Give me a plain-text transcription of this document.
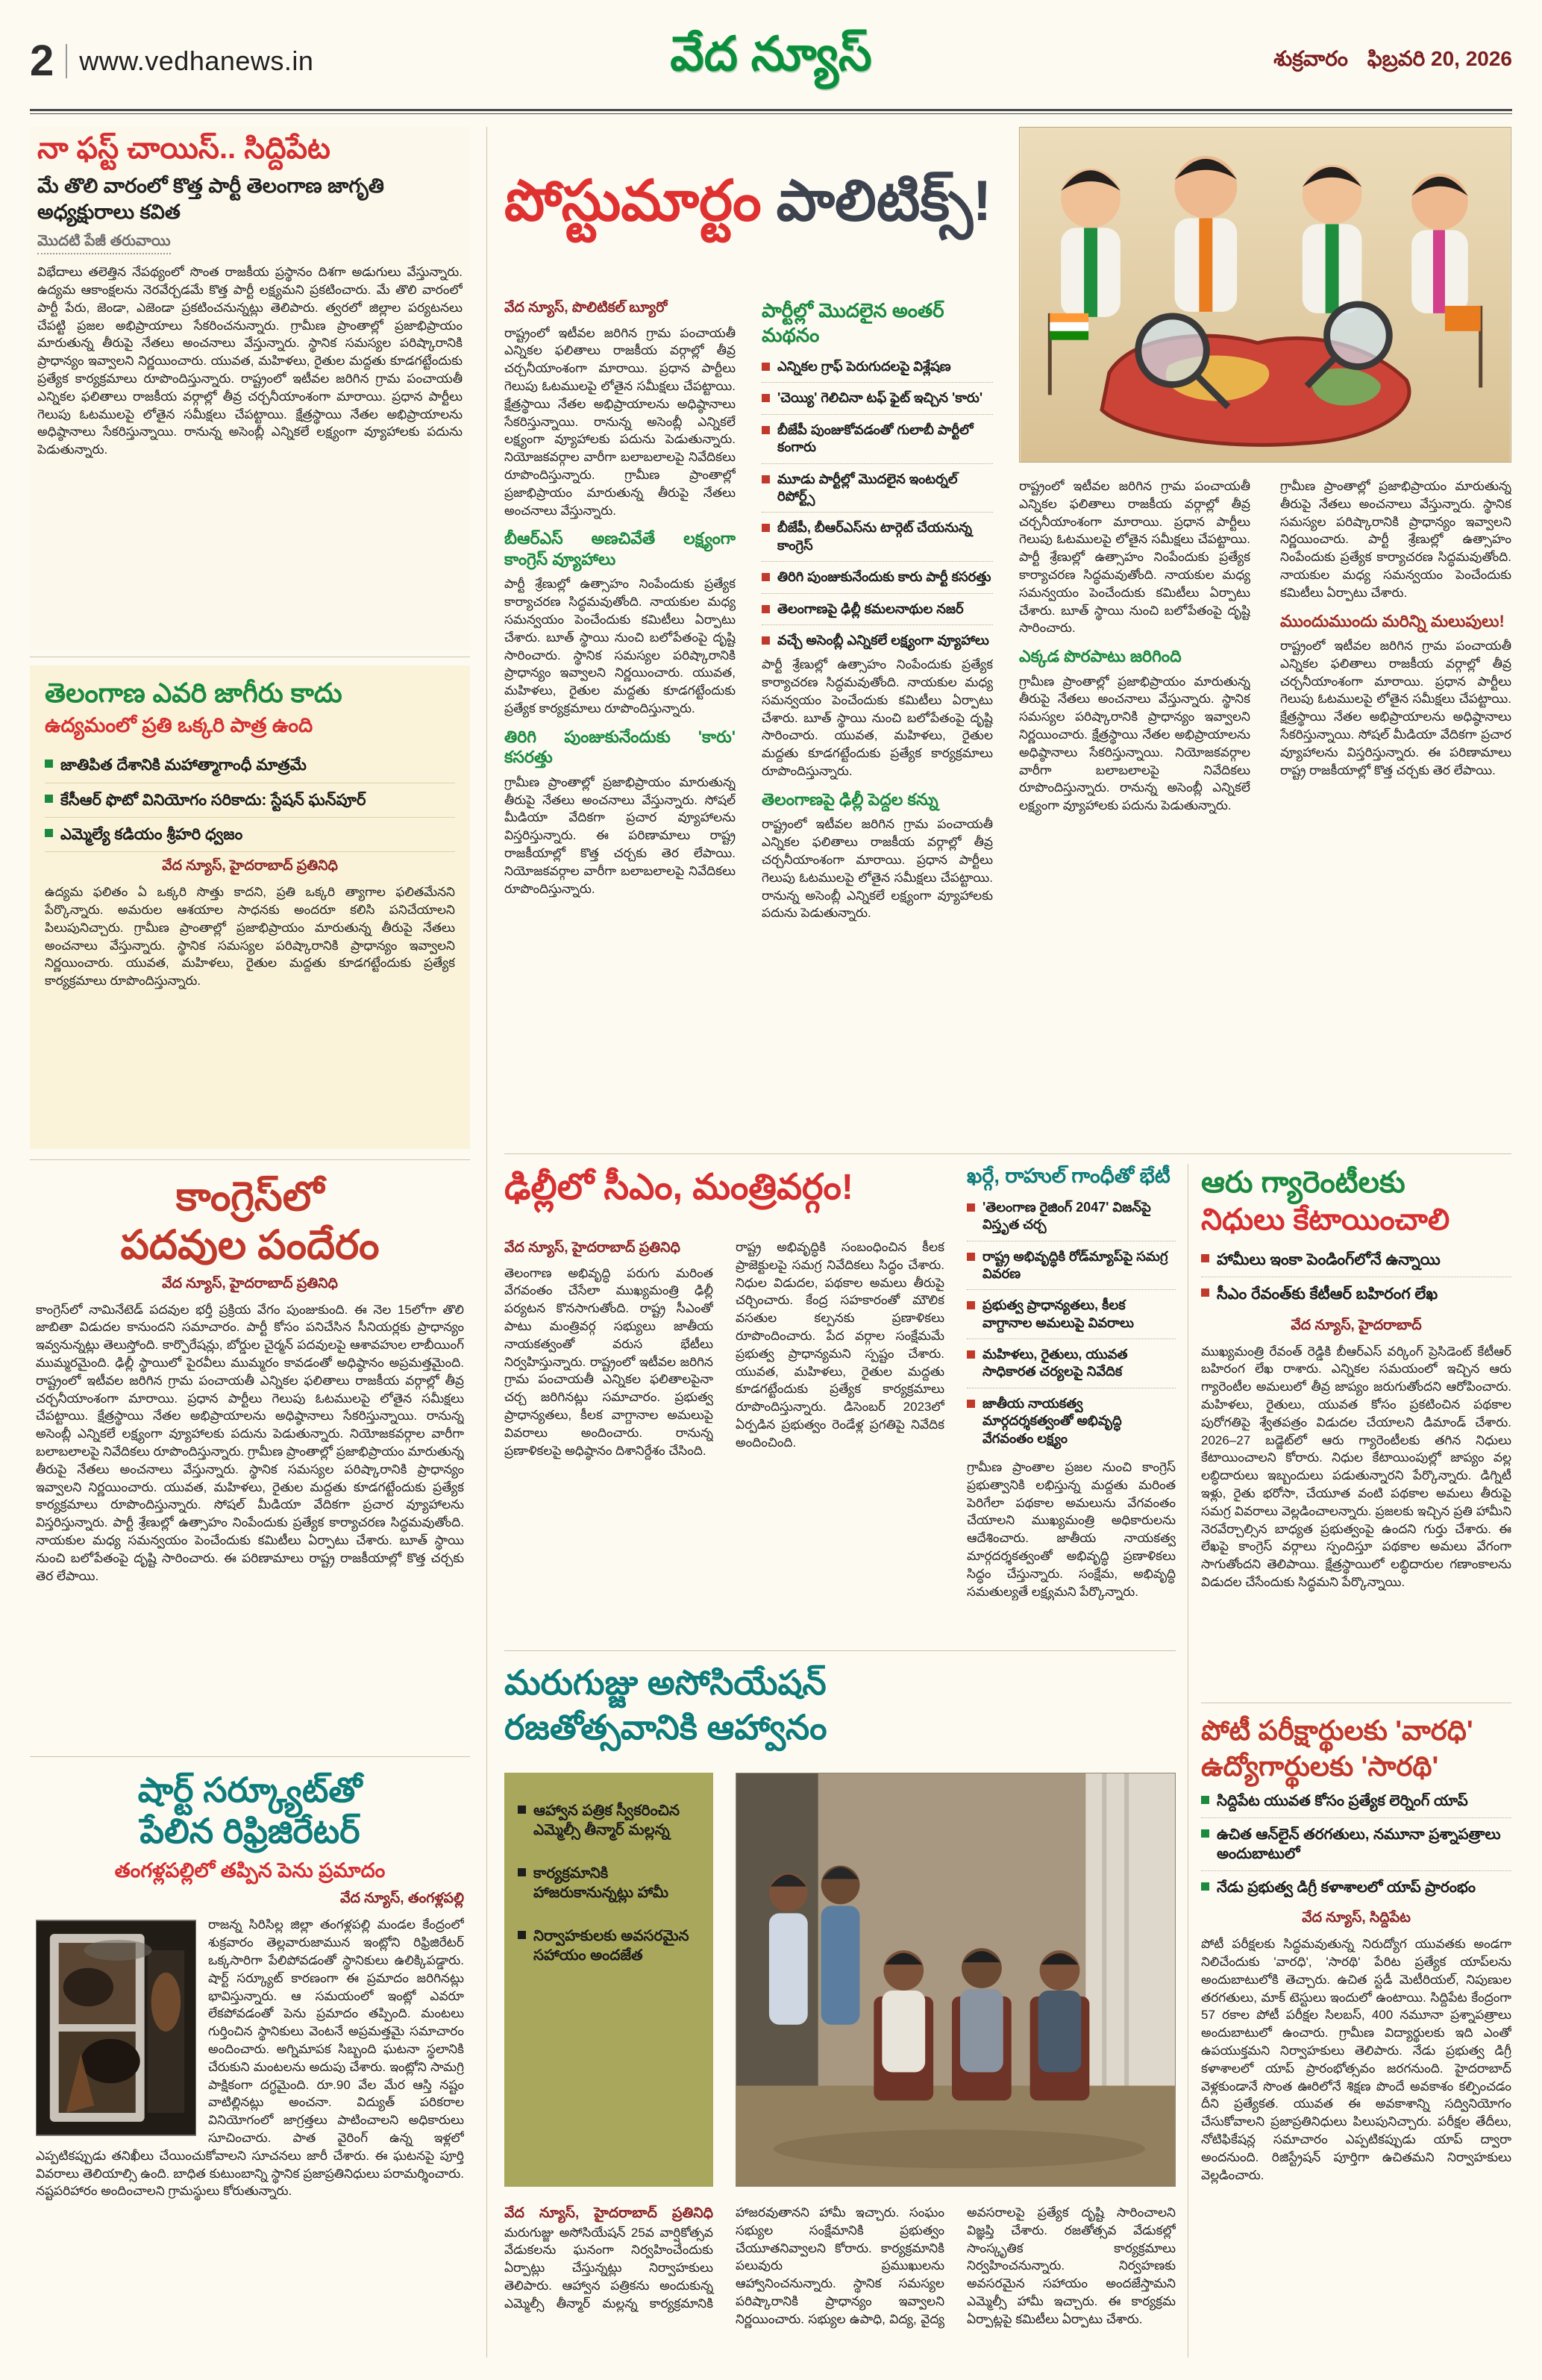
2 www.vedhanews.in	వేద న్యూస్	శుక్రవారం ఫిబ్రవరి 20, 2026
నా ఫస్ట్ చాయిస్.. సిద్దిపేట
మే తొలి వారంలో కొత్త పార్టీ తెలంగాణ జాగృతి అధ్యక్షురాలు కవిత
మొదటి పేజీ తరువాయి
విభేదాలు తలెత్తిన నేపథ్యంలో సొంత రాజకీయ ప్రస్థానం దిశగా అడుగులు వేస్తున్నారు. ఉద్యమ ఆకాంక్షలను నెరవేర్చడమే కొత్త పార్టీ లక్ష్యమని ప్రకటించారు. మే తొలి వారంలో పార్టీ పేరు, జెండా, ఎజెండా ప్రకటించనున్నట్లు తెలిపారు. త్వరలో జిల్లాల పర్యటనలు చేపట్టి ప్రజల అభిప్రాయాలు సేకరించనున్నారు. గ్రామీణ ప్రాంతాల్లో ప్రజాభిప్రాయం మారుతున్న తీరుపై నేతలు అంచనాలు వేస్తున్నారు. స్థానిక సమస్యల పరిష్కారానికి ప్రాధాన్యం ఇవ్వాలని నిర్ణయించారు. యువత, మహిళలు, రైతుల మద్దతు కూడగట్టేందుకు ప్రత్యేక కార్యక్రమాలు రూపొందిస్తున్నారు. రాష్ట్రంలో ఇటీవల జరిగిన గ్రామ పంచాయతీ ఎన్నికల ఫలితాలు రాజకీయ వర్గాల్లో తీవ్ర చర్చనీయాంశంగా మారాయి. ప్రధాన పార్టీలు గెలుపు ఓటములపై లోతైన సమీక్షలు చేపట్టాయి. క్షేత్రస్థాయి నేతల అభిప్రాయాలను అధిష్ఠానాలు సేకరిస్తున్నాయి. రానున్న అసెంబ్లీ ఎన్నికలే లక్ష్యంగా వ్యూహాలకు పదును పెడుతున్నారు.
తెలంగాణ ఎవరి జాగీరు కాదు
ఉద్యమంలో ప్రతి ఒక్కరి పాత్ర ఉంది
జాతిపిత దేశానికి మహాత్మాగాంధీ మాత్రమే
కేసీఆర్ ఫొటో వినియోగం సరికాదు: స్టేషన్ ఘన్‌పూర్
ఎమ్మెల్యే కడియం శ్రీహరి ధ్వజం
వేద న్యూస్, హైదరాబాద్ ప్రతినిధి
ఉద్యమ ఫలితం ఏ ఒక్కరి సొత్తు కాదని, ప్రతి ఒక్కరి త్యాగాల ఫలితమేనని పేర్కొన్నారు. అమరుల ఆశయాల సాధనకు అందరూ కలిసి పనిచేయాలని పిలుపునిచ్చారు. గ్రామీణ ప్రాంతాల్లో ప్రజాభిప్రాయం మారుతున్న తీరుపై నేతలు అంచనాలు వేస్తున్నారు. స్థానిక సమస్యల పరిష్కారానికి ప్రాధాన్యం ఇవ్వాలని నిర్ణయించారు. యువత, మహిళలు, రైతుల మద్దతు కూడగట్టేందుకు ప్రత్యేక కార్యక్రమాలు రూపొందిస్తున్నారు.
కాంగ్రెస్‌లో
పదవుల పందేరం
వేద న్యూస్, హైదరాబాద్ ప్రతినిధి
కాంగ్రెస్‌లో నామినేటెడ్ పదవుల భర్తీ ప్రక్రియ వేగం పుంజుకుంది. ఈ నెల 15లోగా తొలి జాబితా విడుదల కానుందని సమాచారం. పార్టీ కోసం పనిచేసిన సీనియర్లకు ప్రాధాన్యం ఇవ్వనున్నట్లు తెలుస్తోంది. కార్పొరేషన్లు, బోర్డుల చైర్మన్ పదవులపై ఆశావహుల లాబీయింగ్ ముమ్మరమైంది. ఢిల్లీ స్థాయిలో పైరవీలు ముమ్మరం కావడంతో అధిష్ఠానం అప్రమత్తమైంది. రాష్ట్రంలో ఇటీవల జరిగిన గ్రామ పంచాయతీ ఎన్నికల ఫలితాలు రాజకీయ వర్గాల్లో తీవ్ర చర్చనీయాంశంగా మారాయి. ప్రధాన పార్టీలు గెలుపు ఓటములపై లోతైన సమీక్షలు చేపట్టాయి. క్షేత్రస్థాయి నేతల అభిప్రాయాలను అధిష్ఠానాలు సేకరిస్తున్నాయి. రానున్న అసెంబ్లీ ఎన్నికలే లక్ష్యంగా వ్యూహాలకు పదును పెడుతున్నారు. నియోజకవర్గాల వారీగా బలాబలాలపై నివేదికలు రూపొందిస్తున్నారు. గ్రామీణ ప్రాంతాల్లో ప్రజాభిప్రాయం మారుతున్న తీరుపై నేతలు అంచనాలు వేస్తున్నారు. స్థానిక సమస్యల పరిష్కారానికి ప్రాధాన్యం ఇవ్వాలని నిర్ణయించారు. యువత, మహిళలు, రైతుల మద్దతు కూడగట్టేందుకు ప్రత్యేక కార్యక్రమాలు రూపొందిస్తున్నారు. సోషల్ మీడియా వేదికగా ప్రచార వ్యూహాలను విస్తరిస్తున్నారు. పార్టీ శ్రేణుల్లో ఉత్సాహం నింపేందుకు ప్రత్యేక కార్యాచరణ సిద్ధమవుతోంది. నాయకుల మధ్య సమన్వయం పెంచేందుకు కమిటీలు ఏర్పాటు చేశారు. బూత్ స్థాయి నుంచి బలోపేతంపై దృష్టి సారించారు. ఈ పరిణామాలు రాష్ట్ర రాజకీయాల్లో కొత్త చర్చకు తెర లేపాయి.
షార్ట్ సర్క్యూట్‌తో
పేలిన రిఫ్రిజిరేటర్
తంగళ్లపల్లిలో తప్పిన పెను ప్రమాదం
వేద న్యూస్, తంగళ్లపల్లి
రాజన్న సిరిసిల్ల జిల్లా తంగళ్లపల్లి మండల కేంద్రంలో శుక్రవారం తెల్లవారుజామున ఇంట్లోని రిఫ్రిజిరేటర్ ఒక్కసారిగా పేలిపోవడంతో స్థానికులు ఉలిక్కిపడ్డారు. షార్ట్ సర్క్యూట్ కారణంగా ఈ ప్రమాదం జరిగినట్లు భావిస్తున్నారు. ఆ సమయంలో ఇంట్లో ఎవరూ లేకపోవడంతో పెను ప్రమాదం తప్పింది. మంటలు గుర్తించిన స్థానికులు వెంటనే అప్రమత్తమై సమాచారం అందించారు. అగ్నిమాపక సిబ్బంది ఘటనా స్థలానికి చేరుకుని మంటలను అదుపు చేశారు. ఇంట్లోని సామగ్రి పాక్షికంగా దగ్ధమైంది. రూ.90 వేల మేర ఆస్తి నష్టం వాటిల్లినట్లు అంచనా. విద్యుత్ పరికరాల వినియోగంలో జాగ్రత్తలు పాటించాలని అధికారులు సూచించారు. పాత వైరింగ్ ఉన్న ఇళ్లలో ఎప్పటికప్పుడు తనిఖీలు చేయించుకోవాలని సూచనలు జారీ చేశారు. ఈ ఘటనపై పూర్తి వివరాలు తెలియాల్సి ఉంది. బాధిత కుటుంబాన్ని స్థానిక ప్రజాప్రతినిధులు పరామర్శించారు. నష్టపరిహారం అందించాలని గ్రామస్థులు కోరుతున్నారు.
పోస్టుమార్టం పాలిటిక్స్!
వేద న్యూస్, పొలిటికల్ బ్యూరో
రాష్ట్రంలో ఇటీవల జరిగిన గ్రామ పంచాయతీ ఎన్నికల ఫలితాలు రాజకీయ వర్గాల్లో తీవ్ర చర్చనీయాంశంగా మారాయి. ప్రధాన పార్టీలు గెలుపు ఓటములపై లోతైన సమీక్షలు చేపట్టాయి. క్షేత్రస్థాయి నేతల అభిప్రాయాలను అధిష్ఠానాలు సేకరిస్తున్నాయి. రానున్న అసెంబ్లీ ఎన్నికలే లక్ష్యంగా వ్యూహాలకు పదును పెడుతున్నారు. నియోజకవర్గాల వారీగా బలాబలాలపై నివేదికలు రూపొందిస్తున్నారు. గ్రామీణ ప్రాంతాల్లో ప్రజాభిప్రాయం మారుతున్న తీరుపై నేతలు అంచనాలు వేస్తున్నారు.
బీఆర్ఎస్ అణచివేతే లక్ష్యంగా కాంగ్రెస్ వ్యూహాలు
పార్టీ శ్రేణుల్లో ఉత్సాహం నింపేందుకు ప్రత్యేక కార్యాచరణ సిద్ధమవుతోంది. నాయకుల మధ్య సమన్వయం పెంచేందుకు కమిటీలు ఏర్పాటు చేశారు. బూత్ స్థాయి నుంచి బలోపేతంపై దృష్టి సారించారు. స్థానిక సమస్యల పరిష్కారానికి ప్రాధాన్యం ఇవ్వాలని నిర్ణయించారు. యువత, మహిళలు, రైతుల మద్దతు కూడగట్టేందుకు ప్రత్యేక కార్యక్రమాలు రూపొందిస్తున్నారు.
తిరిగి పుంజుకునేందుకు 'కారు' కసరత్తు
గ్రామీణ ప్రాంతాల్లో ప్రజాభిప్రాయం మారుతున్న తీరుపై నేతలు అంచనాలు వేస్తున్నారు. సోషల్ మీడియా వేదికగా ప్రచార వ్యూహాలను విస్తరిస్తున్నారు. ఈ పరిణామాలు రాష్ట్ర రాజకీయాల్లో కొత్త చర్చకు తెర లేపాయి. నియోజకవర్గాల వారీగా బలాబలాలపై నివేదికలు రూపొందిస్తున్నారు.
పార్టీల్లో మొదలైన అంతర్ మథనం
ఎన్నికల గ్రాఫ్ పెరుగుదలపై విశ్లేషణ
'చెయ్యి' గెలిచినా టఫ్ ఫైట్ ఇచ్చిన 'కారు'
బీజేపీ పుంజుకోవడంతో గులాబీ పార్టీలో కంగారు
మూడు పార్టీల్లో మొదలైన ఇంటర్నల్ రిపోర్ట్స్
బీజేపీ, బీఆర్ఎస్‌ను టార్గెట్ చేయనున్న కాంగ్రెస్
తిరిగి పుంజుకునేందుకు కారు పార్టీ కసరత్తు
తెలంగాణపై ఢిల్లీ కమలనాథుల నజర్
వచ్చే అసెంబ్లీ ఎన్నికలే లక్ష్యంగా వ్యూహాలు
పార్టీ శ్రేణుల్లో ఉత్సాహం నింపేందుకు ప్రత్యేక కార్యాచరణ సిద్ధమవుతోంది. నాయకుల మధ్య సమన్వయం పెంచేందుకు కమిటీలు ఏర్పాటు చేశారు. బూత్ స్థాయి నుంచి బలోపేతంపై దృష్టి సారించారు. యువత, మహిళలు, రైతుల మద్దతు కూడగట్టేందుకు ప్రత్యేక కార్యక్రమాలు రూపొందిస్తున్నారు.
తెలంగాణపై ఢిల్లీ పెద్దల కన్ను
రాష్ట్రంలో ఇటీవల జరిగిన గ్రామ పంచాయతీ ఎన్నికల ఫలితాలు రాజకీయ వర్గాల్లో తీవ్ర చర్చనీయాంశంగా మారాయి. ప్రధాన పార్టీలు గెలుపు ఓటములపై లోతైన సమీక్షలు చేపట్టాయి. రానున్న అసెంబ్లీ ఎన్నికలే లక్ష్యంగా వ్యూహాలకు పదును పెడుతున్నారు.
రాష్ట్రంలో ఇటీవల జరిగిన గ్రామ పంచాయతీ ఎన్నికల ఫలితాలు రాజకీయ వర్గాల్లో తీవ్ర చర్చనీయాంశంగా మారాయి. ప్రధాన పార్టీలు గెలుపు ఓటములపై లోతైన సమీక్షలు చేపట్టాయి. పార్టీ శ్రేణుల్లో ఉత్సాహం నింపేందుకు ప్రత్యేక కార్యాచరణ సిద్ధమవుతోంది. నాయకుల మధ్య సమన్వయం పెంచేందుకు కమిటీలు ఏర్పాటు చేశారు. బూత్ స్థాయి నుంచి బలోపేతంపై దృష్టి సారించారు.
ఎక్కడ పొరపాటు జరిగింది
గ్రామీణ ప్రాంతాల్లో ప్రజాభిప్రాయం మారుతున్న తీరుపై నేతలు అంచనాలు వేస్తున్నారు. స్థానిక సమస్యల పరిష్కారానికి ప్రాధాన్యం ఇవ్వాలని నిర్ణయించారు. క్షేత్రస్థాయి నేతల అభిప్రాయాలను అధిష్ఠానాలు సేకరిస్తున్నాయి. నియోజకవర్గాల వారీగా బలాబలాలపై నివేదికలు రూపొందిస్తున్నారు. రానున్న అసెంబ్లీ ఎన్నికలే లక్ష్యంగా వ్యూహాలకు పదును పెడుతున్నారు.
గ్రామీణ ప్రాంతాల్లో ప్రజాభిప్రాయం మారుతున్న తీరుపై నేతలు అంచనాలు వేస్తున్నారు. స్థానిక సమస్యల పరిష్కారానికి ప్రాధాన్యం ఇవ్వాలని నిర్ణయించారు. పార్టీ శ్రేణుల్లో ఉత్సాహం నింపేందుకు ప్రత్యేక కార్యాచరణ సిద్ధమవుతోంది. నాయకుల మధ్య సమన్వయం పెంచేందుకు కమిటీలు ఏర్పాటు చేశారు.
ముందుముందు మరిన్ని మలుపులు!
రాష్ట్రంలో ఇటీవల జరిగిన గ్రామ పంచాయతీ ఎన్నికల ఫలితాలు రాజకీయ వర్గాల్లో తీవ్ర చర్చనీయాంశంగా మారాయి. ప్రధాన పార్టీలు గెలుపు ఓటములపై లోతైన సమీక్షలు చేపట్టాయి. క్షేత్రస్థాయి నేతల అభిప్రాయాలను అధిష్ఠానాలు సేకరిస్తున్నాయి. సోషల్ మీడియా వేదికగా ప్రచార వ్యూహాలను విస్తరిస్తున్నారు. ఈ పరిణామాలు రాష్ట్ర రాజకీయాల్లో కొత్త చర్చకు తెర లేపాయి.
ఢిల్లీలో సీఎం, మంత్రివర్గం!
వేద న్యూస్, హైదరాబాద్ ప్రతినిధి
తెలంగాణ అభివృద్ధి పరుగు మరింత వేగవంతం చేసేలా ముఖ్యమంత్రి ఢిల్లీ పర్యటన కొనసాగుతోంది. రాష్ట్ర సీఎంతో పాటు మంత్రివర్గ సభ్యులు జాతీయ నాయకత్వంతో వరుస భేటీలు నిర్వహిస్తున్నారు. రాష్ట్రంలో ఇటీవల జరిగిన గ్రామ పంచాయతీ ఎన్నికల ఫలితాలపైనా చర్చ జరిగినట్లు సమాచారం. ప్రభుత్వ ప్రాధాన్యతలు, కీలక వాగ్దానాల అమలుపై వివరాలు అందించారు. రానున్న ప్రణాళికలపై అధిష్ఠానం దిశానిర్దేశం చేసింది.
రాష్ట్ర అభివృద్ధికి సంబంధించిన కీలక ప్రాజెక్టులపై సమగ్ర నివేదికలు సిద్ధం చేశారు. నిధుల విడుదల, పథకాల అమలు తీరుపై చర్చించారు. కేంద్ర సహకారంతో మౌలిక వసతుల కల్పనకు ప్రణాళికలు రూపొందించారు. పేద వర్గాల సంక్షేమమే ప్రభుత్వ ప్రాధాన్యమని స్పష్టం చేశారు. యువత, మహిళలు, రైతుల మద్దతు కూడగట్టేందుకు ప్రత్యేక కార్యక్రమాలు రూపొందిస్తున్నారు. డిసెంబర్ 2023లో ఏర్పడిన ప్రభుత్వం రెండేళ్ల ప్రగతిపై నివేదిక అందించింది.
ఖర్గే, రాహుల్ గాంధీతో భేటీ
'తెలంగాణ రైజింగ్ 2047' విజన్‌పై విస్తృత చర్చ
రాష్ట్ర అభివృద్ధికి రోడ్‌మ్యాప్‌పై సమగ్ర వివరణ
ప్రభుత్వ ప్రాధాన్యతలు, కీలక వాగ్దానాల అమలుపై వివరాలు
మహిళలు, రైతులు, యువత సాధికారత చర్యలపై నివేదిక
జాతీయ నాయకత్వ మార్గదర్శకత్వంతో అభివృద్ధి వేగవంతం లక్ష్యం
గ్రామీణ ప్రాంతాల ప్రజల నుంచి కాంగ్రెస్ ప్రభుత్వానికి లభిస్తున్న మద్దతు మరింత పెరిగేలా పథకాల అమలును వేగవంతం చేయాలని ముఖ్యమంత్రి అధికారులను ఆదేశించారు. జాతీయ నాయకత్వ మార్గదర్శకత్వంతో అభివృద్ధి ప్రణాళికలు సిద్ధం చేస్తున్నారు. సంక్షేమ, అభివృద్ధి సమతుల్యతే లక్ష్యమని పేర్కొన్నారు.
మరుగుజ్జు అసోసియేషన్
రజతోత్సవానికి ఆహ్వానం
ఆహ్వాన పత్రిక స్వీకరించిన ఎమ్మెల్సీ తీన్మార్ మల్లన్న
కార్యక్రమానికి హాజరుకానున్నట్లు హామీ
నిర్వాహకులకు అవసరమైన సహాయం అందజేత
వేద న్యూస్, హైదరాబాద్ ప్రతినిధి మరుగుజ్జు అసోసియేషన్ 25వ వార్షికోత్సవ వేడుకలను ఘనంగా నిర్వహించేందుకు ఏర్పాట్లు చేస్తున్నట్లు నిర్వాహకులు తెలిపారు. ఆహ్వాన పత్రికను అందుకున్న ఎమ్మెల్సీ తీన్మార్ మల్లన్న కార్యక్రమానికి హాజరవుతానని హామీ ఇచ్చారు. సంఘం సభ్యుల సంక్షేమానికి ప్రభుత్వం చేయూతనివ్వాలని కోరారు. కార్యక్రమానికి పలువురు ప్రముఖులను ఆహ్వానించనున్నారు. స్థానిక సమస్యల పరిష్కారానికి ప్రాధాన్యం ఇవ్వాలని నిర్ణయించారు. సభ్యుల ఉపాధి, విద్య, వైద్య అవసరాలపై ప్రత్యేక దృష్టి సారించాలని విజ్ఞప్తి చేశారు. రజతోత్సవ వేడుకల్లో సాంస్కృతిక కార్యక్రమాలు నిర్వహించనున్నారు. నిర్వహణకు అవసరమైన సహాయం అందజేస్తామని ఎమ్మెల్సీ హామీ ఇచ్చారు. ఈ కార్యక్రమ ఏర్పాట్లపై కమిటీలు ఏర్పాటు చేశారు.
ఆరు గ్యారెంటీలకు
నిధులు కేటాయించాలి
హామీలు ఇంకా పెండింగ్‌లోనే ఉన్నాయి
సీఎం రేవంత్‌కు కేటీఆర్ బహిరంగ లేఖ
వేద న్యూస్, హైదరాబాద్
ముఖ్యమంత్రి రేవంత్ రెడ్డికి బీఆర్ఎస్ వర్కింగ్ ప్రెసిడెంట్ కేటీఆర్ బహిరంగ లేఖ రాశారు. ఎన్నికల సమయంలో ఇచ్చిన ఆరు గ్యారెంటీల అమలులో తీవ్ర జాప్యం జరుగుతోందని ఆరోపించారు. మహిళలు, రైతులు, యువత కోసం ప్రకటించిన పథకాల పురోగతిపై శ్వేతపత్రం విడుదల చేయాలని డిమాండ్ చేశారు. 2026–27 బడ్జెట్‌లో ఆరు గ్యారెంటీలకు తగిన నిధులు కేటాయించాలని కోరారు. నిధుల కేటాయింపుల్లో జాప్యం వల్ల లబ్ధిదారులు ఇబ్బందులు పడుతున్నారని పేర్కొన్నారు. డిగ్నిటీ ఇళ్లు, రైతు భరోసా, చేయూత వంటి పథకాల అమలు తీరుపై సమగ్ర వివరాలు వెల్లడించాలన్నారు. ప్రజలకు ఇచ్చిన ప్రతి హామీని నెరవేర్చాల్సిన బాధ్యత ప్రభుత్వంపై ఉందని గుర్తు చేశారు. ఈ లేఖపై కాంగ్రెస్ వర్గాలు స్పందిస్తూ పథకాల అమలు వేగంగా సాగుతోందని తెలిపాయి. క్షేత్రస్థాయిలో లబ్ధిదారుల గణాంకాలను విడుదల చేసేందుకు సిద్ధమని పేర్కొన్నాయి.
పోటీ పరీక్షార్థులకు 'వారధి'
ఉద్యోగార్థులకు 'సారథి'
సిద్దిపేట యువత కోసం ప్రత్యేక లెర్నింగ్ యాప్
ఉచిత ఆన్‌లైన్ తరగతులు, నమూనా ప్రశ్నాపత్రాలు అందుబాటులో
నేడు ప్రభుత్వ డిగ్రీ కళాశాలలో యాప్ ప్రారంభం
వేద న్యూస్, సిద్దిపేట
పోటీ పరీక్షలకు సిద్ధమవుతున్న నిరుద్యోగ యువతకు అండగా నిలిచేందుకు 'వారధి', 'సారథి' పేరిట ప్రత్యేక యాప్‌లను అందుబాటులోకి తెచ్చారు. ఉచిత స్టడీ మెటీరియల్, నిపుణుల తరగతులు, మాక్ టెస్టులు ఇందులో ఉంటాయి. సిద్దిపేట కేంద్రంగా 57 రకాల పోటీ పరీక్షల సిలబస్, 400 నమూనా ప్రశ్నాపత్రాలు అందుబాటులో ఉంచారు. గ్రామీణ విద్యార్థులకు ఇది ఎంతో ఉపయుక్తమని నిర్వాహకులు తెలిపారు. నేడు ప్రభుత్వ డిగ్రీ కళాశాలలో యాప్ ప్రారంభోత్సవం జరగనుంది. హైదరాబాద్ వెళ్లకుండానే సొంత ఊరిలోనే శిక్షణ పొందే అవకాశం కల్పించడం దీని ప్రత్యేకత. యువత ఈ అవకాశాన్ని సద్వినియోగం చేసుకోవాలని ప్రజాప్రతినిధులు పిలుపునిచ్చారు. పరీక్షల తేదీలు, నోటిఫికేషన్ల సమాచారం ఎప్పటికప్పుడు యాప్ ద్వారా అందనుంది. రిజిస్ట్రేషన్ పూర్తిగా ఉచితమని నిర్వాహకులు వెల్లడించారు.
